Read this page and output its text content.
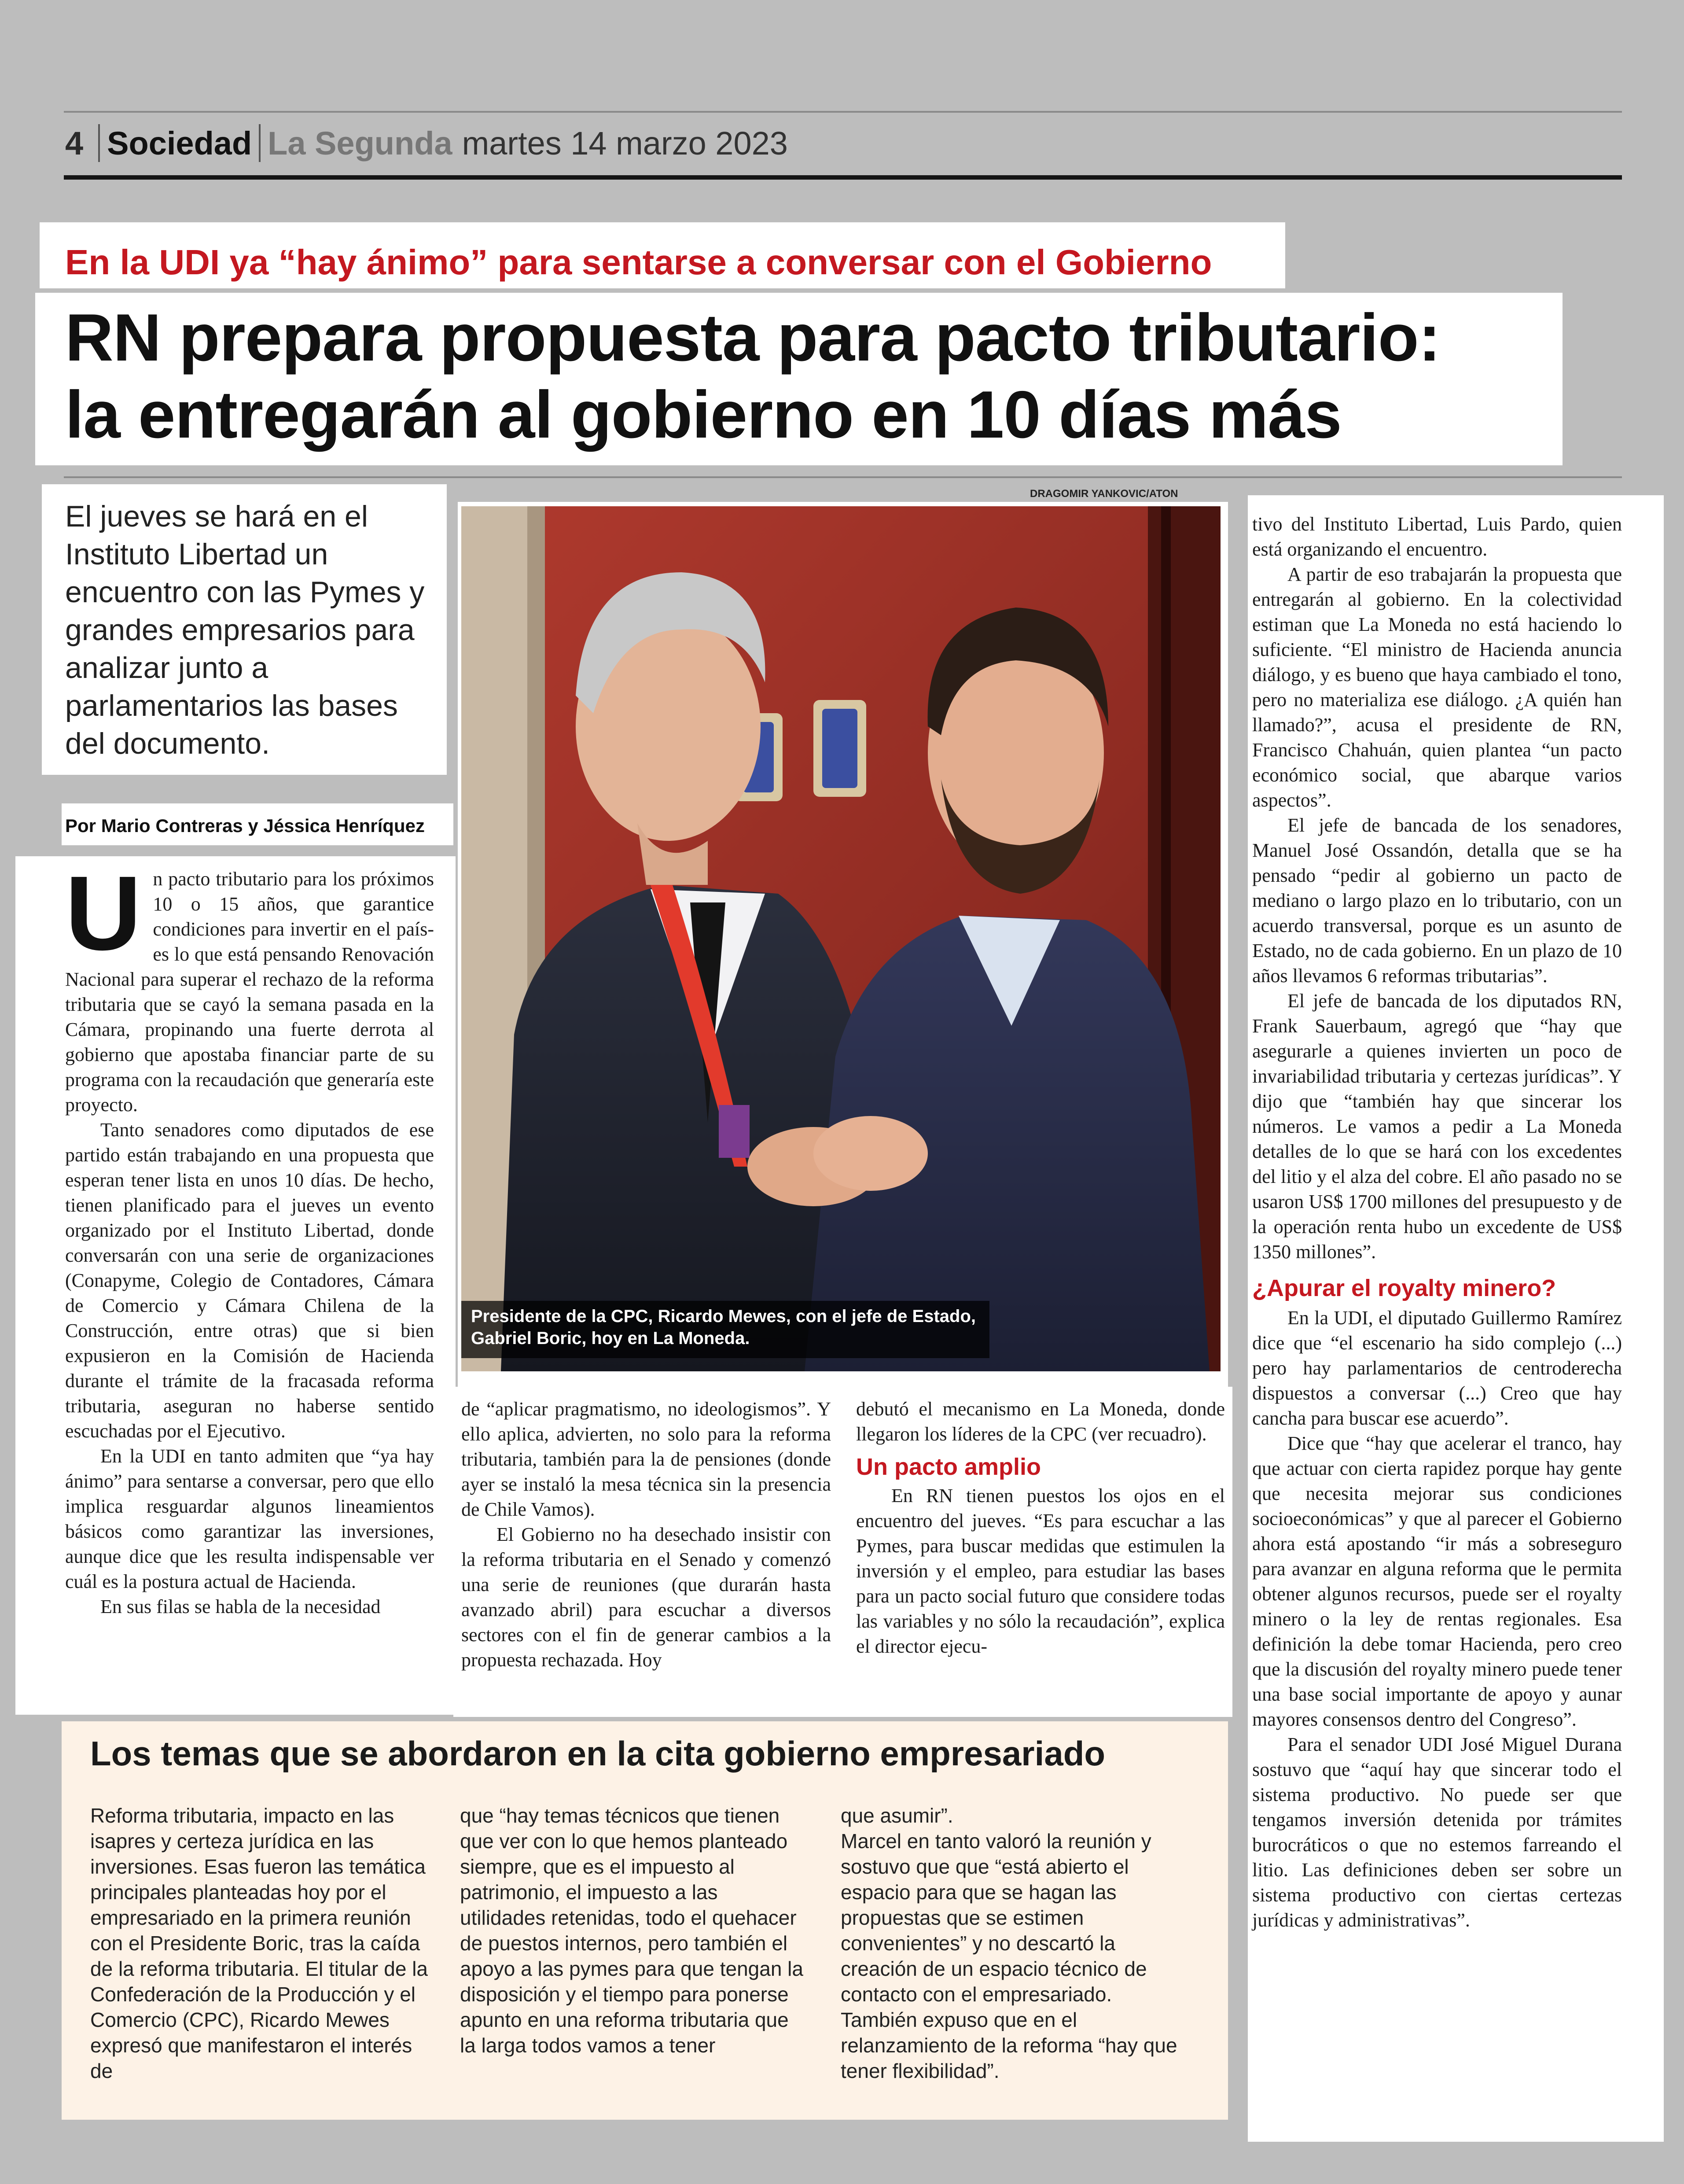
4 Sociedad La Segunda martes 14 marzo 2023
En la UDI ya “hay ánimo” para sentarse a conversar con el Gobierno
RN prepara propuesta para pacto tributario:
la entregarán al gobierno en 10 días más
El jueves se hará en el Instituto Libertad un encuentro con las Pymes y grandes empresarios para analizar junto a parlamentarios las bases del documento.
Por Mario Contreras y Jéssica Henríquez

Un pacto tributario para los próximos 10 o 15 años, que garantice condiciones para invertir en el país- es lo que está pensando Renovación Nacional para superar el rechazo de la reforma tributaria que se cayó la semana pasada en la Cámara, propinando una fuerte derrota al gobierno que apostaba financiar parte de su programa con la recaudación que generaría este proyecto.

Tanto senadores como diputados de ese partido están trabajando en una propuesta que esperan tener lista en unos 10 días. De hecho, tienen planificado para el jueves un evento organizado por el Instituto Libertad, donde conversarán con una serie de organizaciones (Conapyme, Colegio de Contadores, Cámara de Comercio y Cámara Chilena de la Construcción, entre otras) que si bien expusieron en la Comisión de Hacienda durante el trámite de la fracasada reforma tributaria, aseguran no haberse sentido escuchadas por el Ejecutivo.

En la UDI en tanto admiten que “ya hay ánimo” para sentarse a conversar, pero que ello implica resguardar algunos lineamientos básicos como garantizar las inversiones, aunque dice que les resulta indispensable ver cuál es la postura actual de Hacienda.

En sus filas se habla de la necesidad

DRAGOMIR YANKOVIC/ATON
Presidente de la CPC, Ricardo Mewes, con el jefe de Estado, Gabriel Boric, hoy en La Moneda.

de “aplicar pragmatismo, no ideologismos”. Y ello aplica, advierten, no solo para la reforma tributaria, también para la de pensiones (donde ayer se instaló la mesa técnica sin la presencia de Chile Vamos).

El Gobierno no ha desechado insistir con la reforma tributaria en el Senado y comenzó una serie de reuniones (que durarán hasta avanzado abril) para escuchar a diversos sectores con el fin de generar cambios a la propuesta rechazada. Hoy

debutó el mecanismo en La Moneda, donde llegaron los líderes de la CPC (ver recuadro).

Un pacto amplio

En RN tienen puestos los ojos en el encuentro del jueves. “Es para escuchar a las Pymes, para buscar medidas que estimulen la inversión y el empleo, para estudiar las bases para un pacto social futuro que considere todas las variables y no sólo la recaudación”, explica el director ejecu-

tivo del Instituto Libertad, Luis Pardo, quien está organizando el encuentro.

A partir de eso trabajarán la propuesta que entregarán al gobierno. En la colectividad estiman que La Moneda no está haciendo lo suficiente. “El ministro de Hacienda anuncia diálogo, y es bueno que haya cambiado el tono, pero no materializa ese diálogo. ¿A quién han llamado?”, acusa el presidente de RN, Francisco Chahuán, quien plantea “un pacto económico social, que abarque varios aspectos”.

El jefe de bancada de los senadores, Manuel José Ossandón, detalla que se ha pensado “pedir al gobierno un pacto de mediano o largo plazo en lo tributario, con un acuerdo transversal, porque es un asunto de Estado, no de cada gobierno. En un plazo de 10 años llevamos 6 reformas tributarias”.

El jefe de bancada de los diputados RN, Frank Sauerbaum, agregó que “hay que asegurarle a quienes invierten un poco de invariabilidad tributaria y certezas jurídicas”. Y dijo que “también hay que sincerar los números. Le vamos a pedir a La Moneda detalles de lo que se hará con los excedentes del litio y el alza del cobre. El año pasado no se usaron US$ 1700 millones del presupuesto y de la operación renta hubo un excedente de US$ 1350 millones”.

¿Apurar el royalty minero?

En la UDI, el diputado Guillermo Ramírez dice que “el escenario ha sido complejo (...) pero hay parlamentarios de centroderecha dispuestos a conversar (...) Creo que hay cancha para buscar ese acuerdo”.

Dice que “hay que acelerar el tranco, hay que actuar con cierta rapidez porque hay gente que necesita mejorar sus condiciones socioeconómicas” y que al parecer el Gobierno ahora está apostando “ir más a sobreseguro para avanzar en alguna reforma que le permita obtener algunos recursos, puede ser el royalty minero o la ley de rentas regionales. Esa definición la debe tomar Hacienda, pero creo que la discusión del royalty minero puede tener una base social importante de apoyo y aunar mayores consensos dentro del Congreso”.

Para el senador UDI José Miguel Durana sostuvo que “aquí hay que sincerar todo el sistema productivo. No puede ser que tengamos inversión detenida por trámites burocráticos o que no estemos farreando el litio. Las definiciones deben ser sobre un sistema productivo con ciertas certezas jurídicas y administrativas”.

Los temas que se abordaron en la cita gobierno empresariado

Reforma tributaria, impacto en las isapres y certeza jurídica en las inversiones. Esas fueron las temática principales planteadas hoy por el empresariado en la primera reunión con el Presidente Boric, tras la caída de la reforma tributaria. El titular de la Confederación de la Producción y el Comercio (CPC), Ricardo Mewes expresó que manifestaron el interés de

que “hay temas técnicos que tienen que ver con lo que hemos planteado siempre, que es el impuesto al patrimonio, el impuesto a las utilidades retenidas, todo el quehacer de puestos internos, pero también el apoyo a las pymes para que tengan la disposición y el tiempo para ponerse apunto en una reforma tributaria que la larga todos vamos a tener

que asumir”.

Marcel en tanto valoró la reunión y sostuvo que que “está abierto el espacio para que se hagan las propuestas que se estimen convenientes” y no descartó la creación de un espacio técnico de contacto con el empresariado. También expuso que en el relanzamiento de la reforma “hay que tener flexibilidad”.
